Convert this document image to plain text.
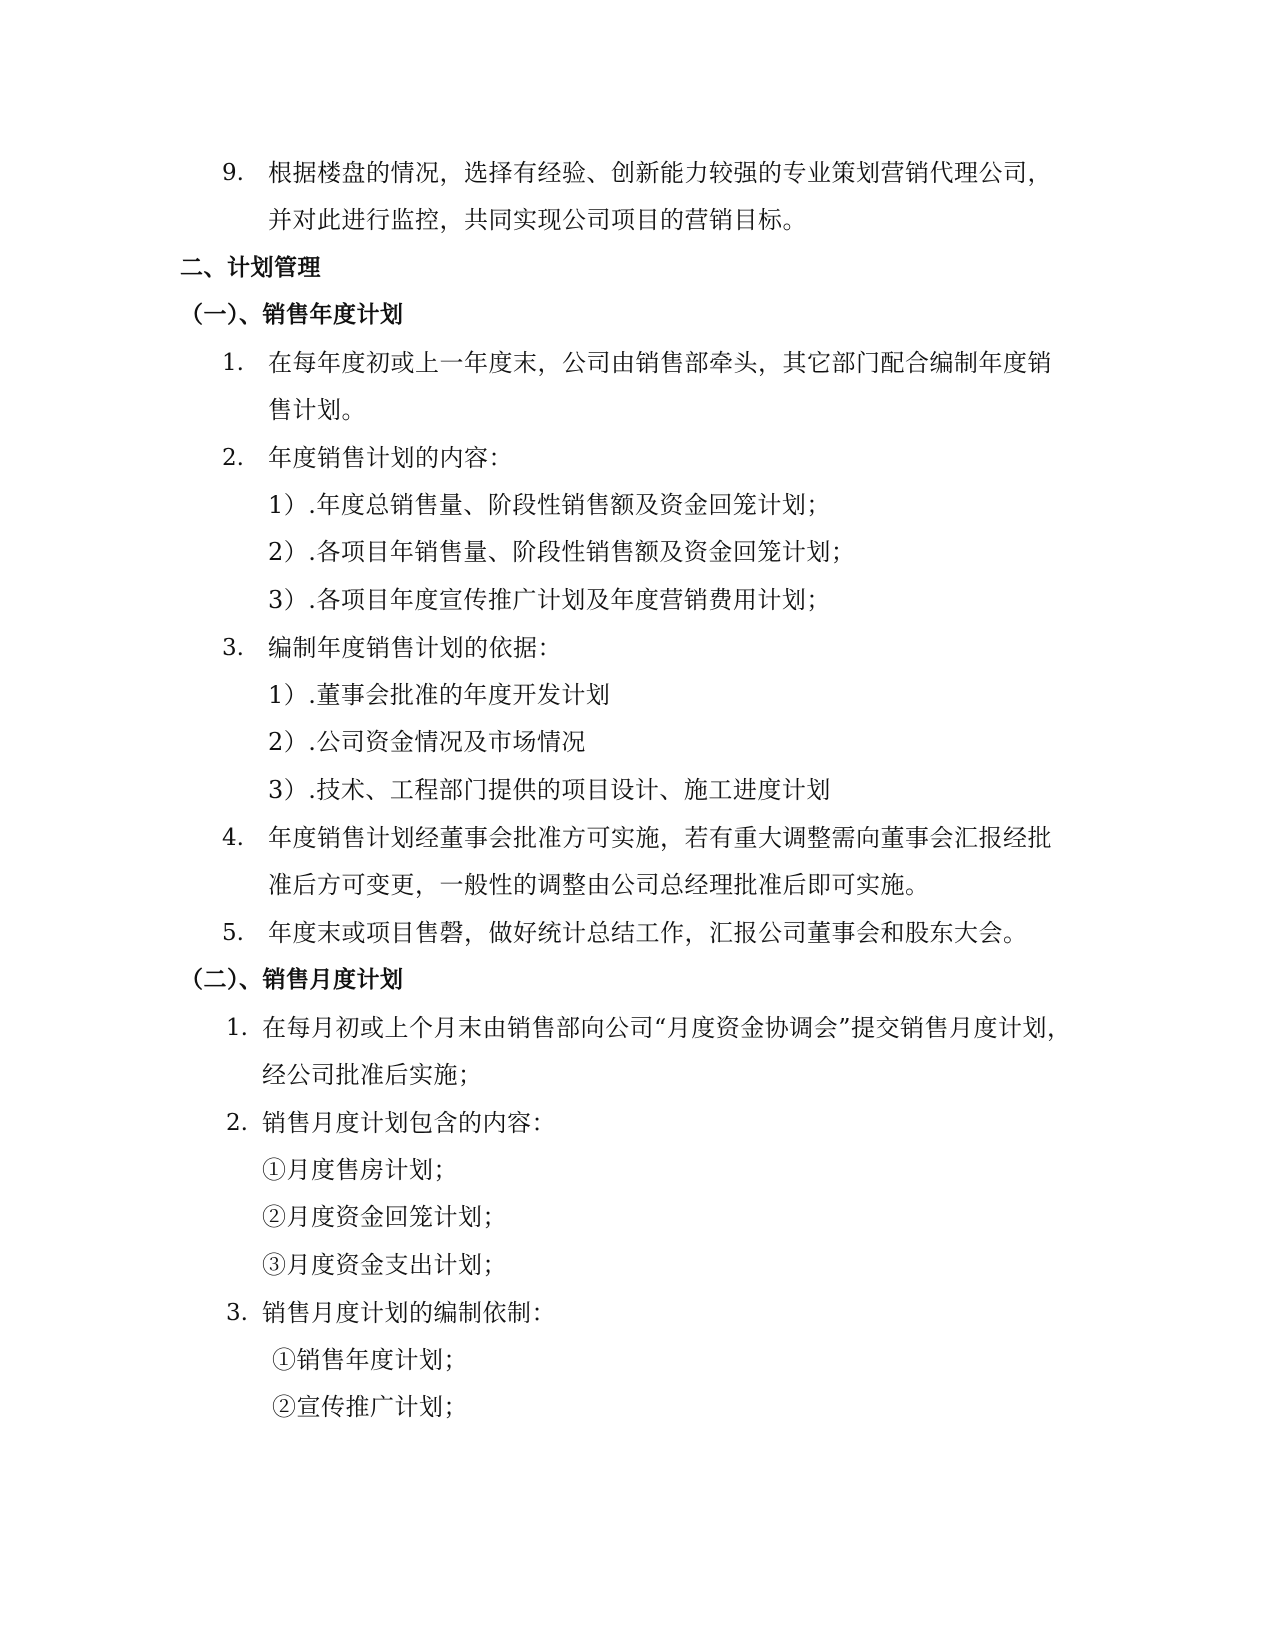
9. 根据楼盘的情况，选择有经验、创新能力较强的专业策划营销代理公司，
并对此进行监控，共同实现公司项目的营销目标。
二、计划管理
（一）、销售年度计划
1. 在每年度初或上一年度末，公司由销售部牵头，其它部门配合编制年度销
售计划。
2. 年度销售计划的内容：
1）.年度总销售量、阶段性销售额及资金回笼计划；
2）.各项目年销售量、阶段性销售额及资金回笼计划；
3）.各项目年度宣传推广计划及年度营销费用计划；
3. 编制年度销售计划的依据：
1）.董事会批准的年度开发计划
2）.公司资金情况及市场情况
3）.技术、工程部门提供的项目设计、施工进度计划
4. 年度销售计划经董事会批准方可实施，若有重大调整需向董事会汇报经批
准后方可变更，一般性的调整由公司总经理批准后即可实施。
5. 年度末或项目售磬，做好统计总结工作，汇报公司董事会和股东大会。
（二）、销售月度计划
1. 在每月初或上个月末由销售部向公司“月度资金协调会”提交销售月度计划，
经公司批准后实施；
2. 销售月度计划包含的内容：
①月度售房计划；
②月度资金回笼计划；
③月度资金支出计划；
3. 销售月度计划的编制依制：
①销售年度计划；
②宣传推广计划；
